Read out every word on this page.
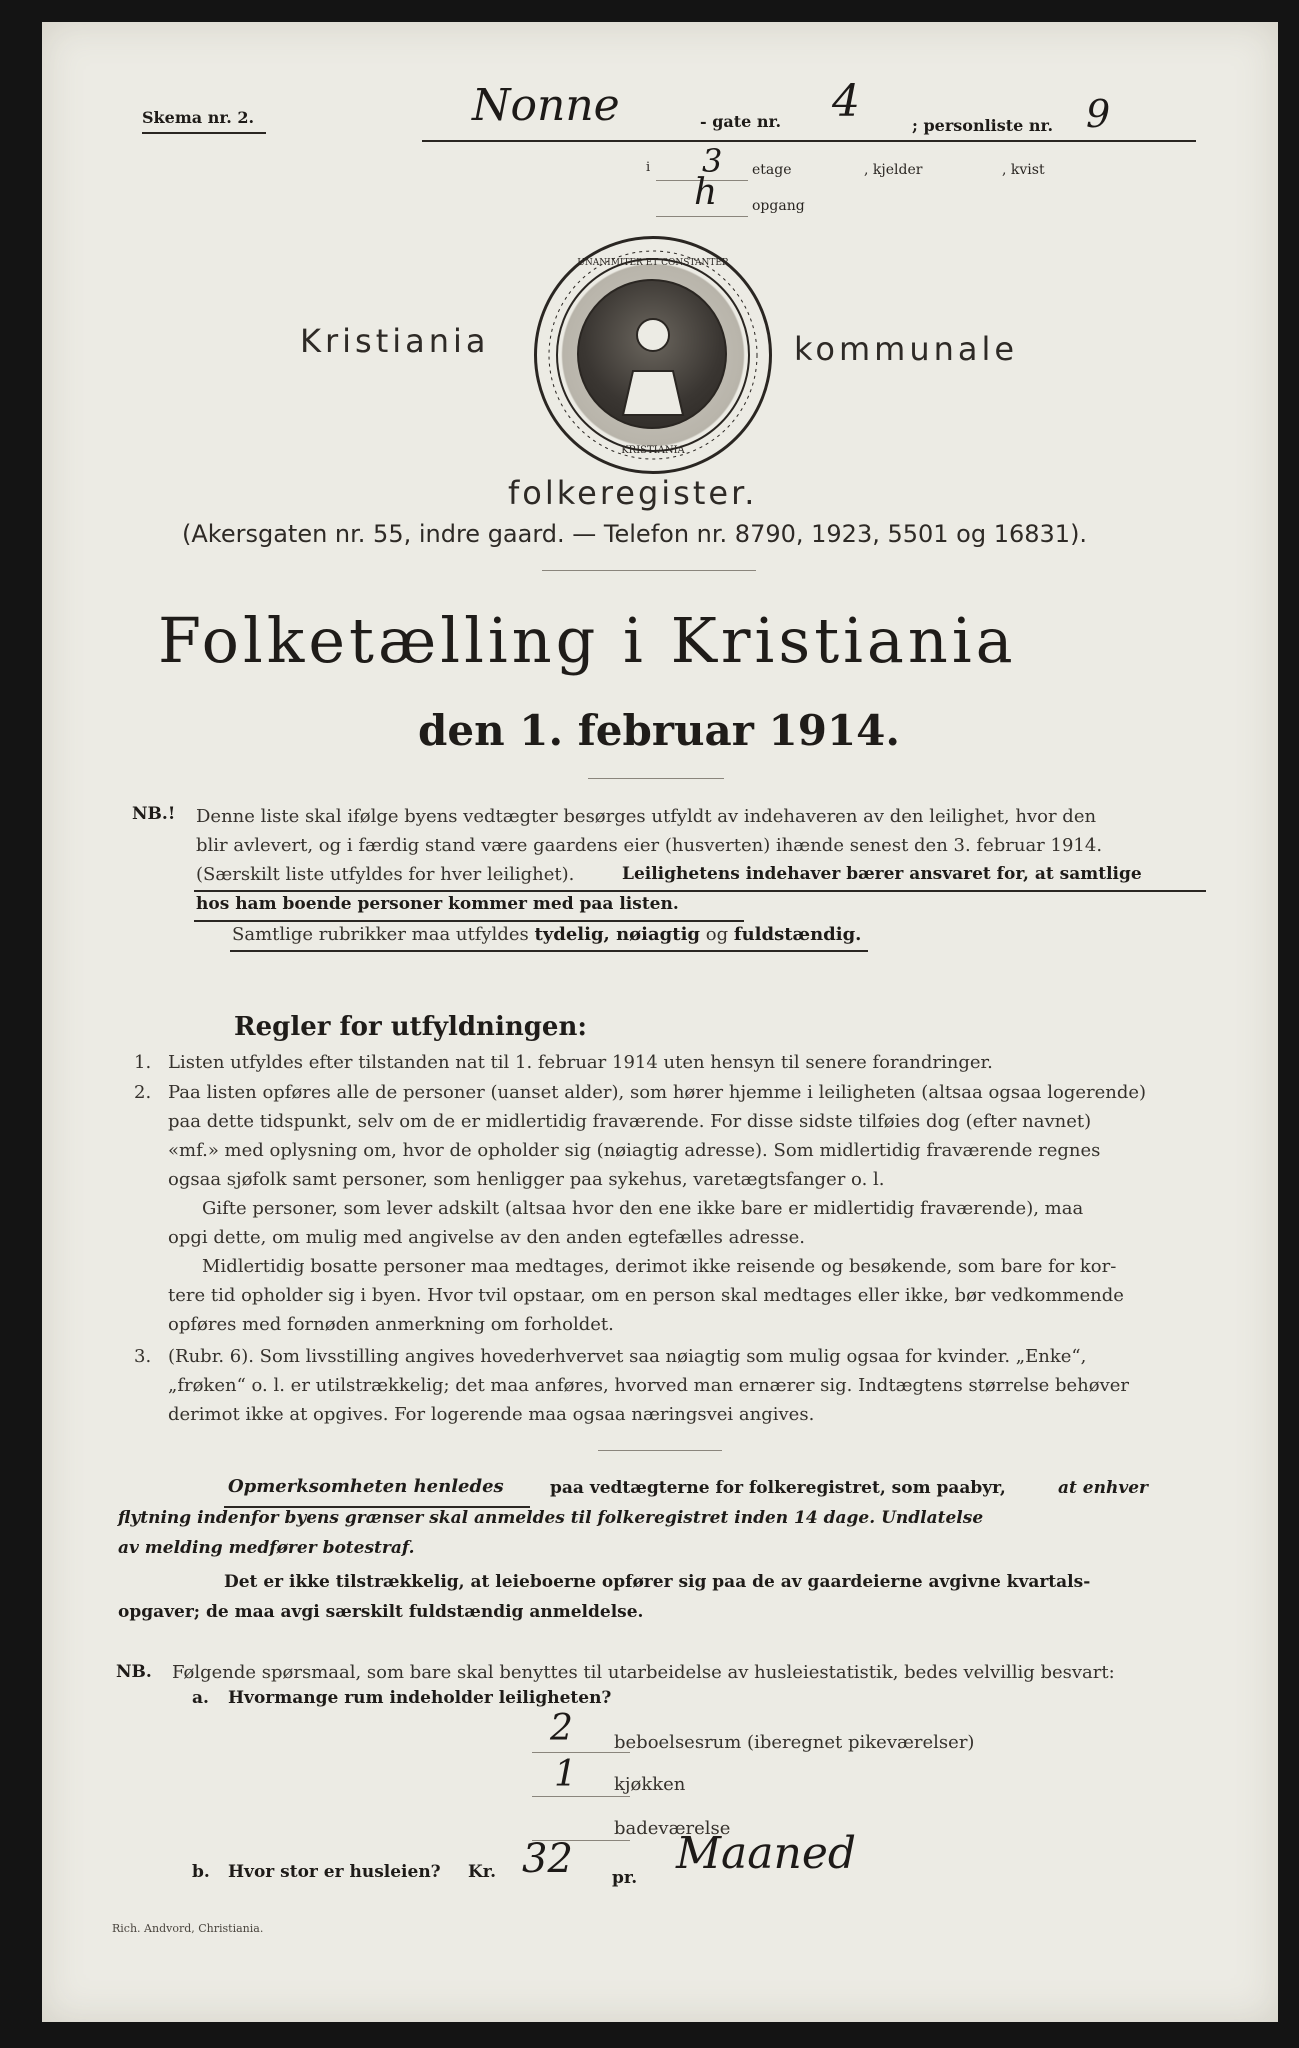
Skema nr. 2.	Nonne	- gate nr. 4	; personliste nr. 9
i 3 etage	, kjelder	, kvist
h opgang
Kristiania
UNANIMITER ET CONSTANTER
KRISTIANIA
kommunale
folkeregister.
(Akersgaten nr. 55, indre gaard. — Telefon nr. 8790, 1923, 5501 og 16831).
Folketælling i Kristiania
den 1. februar 1914.
NB.! Denne liste skal ifølge byens vedtægter besørges utfyldt av indehaveren av den leilighet, hvor den
blir avlevert, og i færdig stand være gaardens eier (husverten) ihænde senest den 3. februar 1914.
(Særskilt liste utfyldes for hver leilighet).	Leilighetens indehaver bærer ansvaret for, at samtlige
hos ham boende personer kommer med paa listen.
Samtlige rubrikker maa utfyldes tydelig, nøiagtig og fuldstændig.
Regler for utfyldningen:
1. Listen utfyldes efter tilstanden nat til 1. februar 1914 uten hensyn til senere forandringer.
2. Paa listen opføres alle de personer (uanset alder), som hører hjemme i leiligheten (altsaa ogsaa logerende)
paa dette tidspunkt, selv om de er midlertidig fraværende. For disse sidste tilføies dog (efter navnet)
«mf.» med oplysning om, hvor de opholder sig (nøiagtig adresse). Som midlertidig fraværende regnes
ogsaa sjøfolk samt personer, som henligger paa sykehus, varetægtsfanger o. l.
Gifte personer, som lever adskilt (altsaa hvor den ene ikke bare er midlertidig fraværende), maa
opgi dette, om mulig med angivelse av den anden egtefælles adresse.
Midlertidig bosatte personer maa medtages, derimot ikke reisende og besøkende, som bare for kor-
tere tid opholder sig i byen. Hvor tvil opstaar, om en person skal medtages eller ikke, bør vedkommende
opføres med fornøden anmerkning om forholdet.
3. (Rubr. 6). Som livsstilling angives hovederhvervet saa nøiagtig som mulig ogsaa for kvinder. „Enke“,
„frøken“ o. l. er utilstrækkelig; det maa anføres, hvorved man ernærer sig. Indtægtens størrelse behøver
derimot ikke at opgives. For logerende maa ogsaa næringsvei angives.
Opmerksomheten henledes	paa vedtægterne for folkeregistret, som paabyr,	at enhver
flytning indenfor byens grænser skal anmeldes til folkeregistret inden 14 dage. Undlatelse
av melding medfører botestraf.
Det er ikke tilstrækkelig, at leieboerne opfører sig paa de av gaardeierne avgivne kvartals-
opgaver; de maa avgi særskilt fuldstændig anmeldelse.
NB. Følgende spørsmaal, som bare skal benyttes til utarbeidelse av husleiestatistik, bedes velvillig besvart:
a. Hvormange rum indeholder leiligheten?
2 beboelsesrum (iberegnet pikeværelser)
1 kjøkken
badeværelse
b. Hvor stor er husleien? Kr. 32 pr. Maaned
Rich. Andvord, Christiania.
